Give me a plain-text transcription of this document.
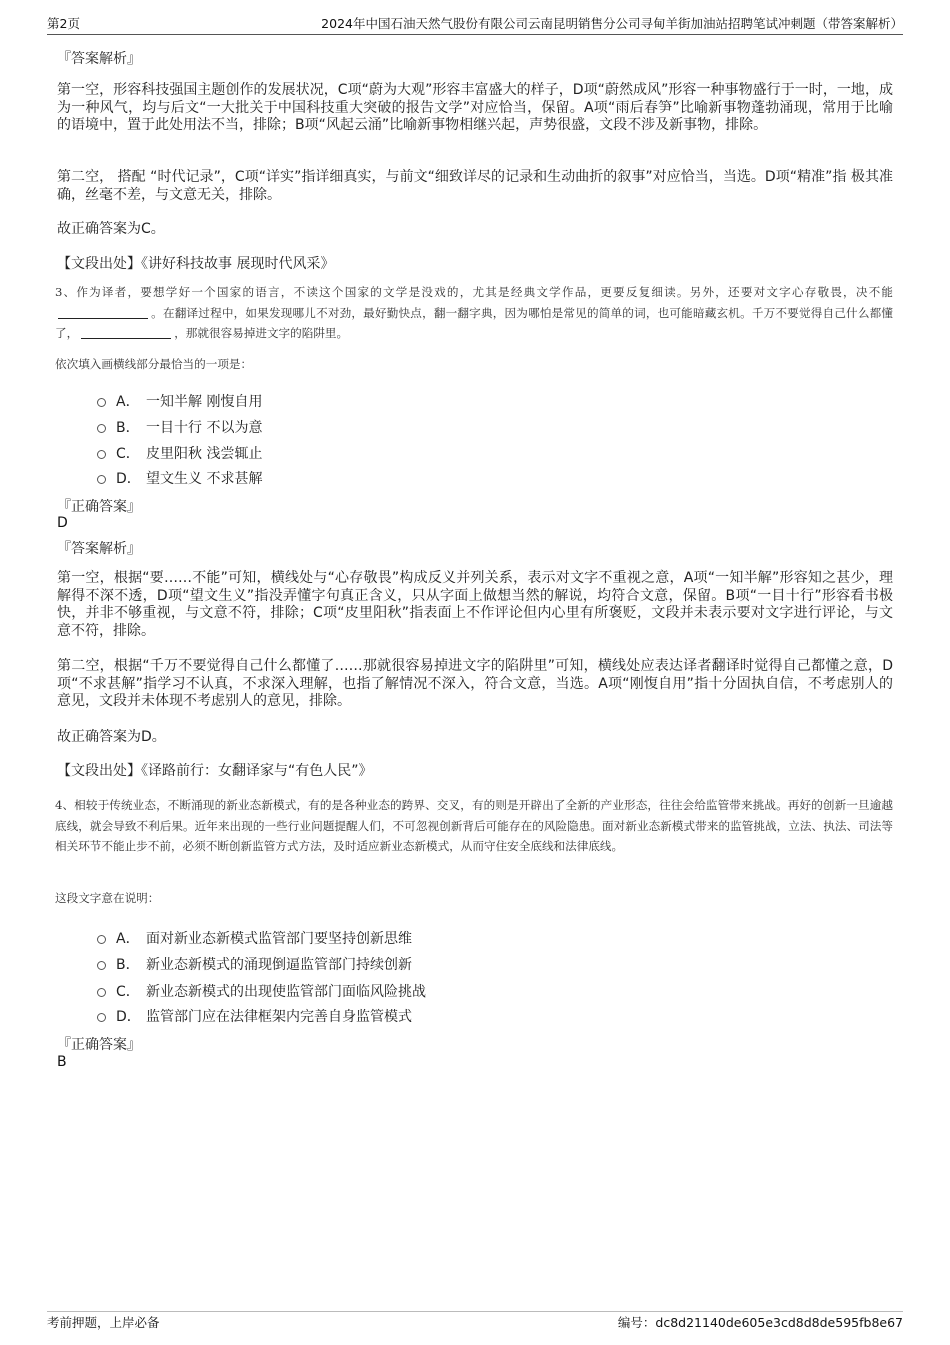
第2页	2024年中国石油天然气股份有限公司云南昆明销售分公司寻甸羊街加油站招聘笔试冲刺题（带答案解析）
『答案解析』
第一空，形容科技强国主题创作的发展状况，C项“蔚为大观”形容丰富盛大的样子，D项“蔚然成风”形容一种事物盛行于一时，一地，成为一种风气，均与后文“一大批关于中国科技重大突破的报告文学”对应恰当，保留。A项“雨后春笋”比喻新事物蓬勃涌现，常用于比喻的语境中，置于此处用法不当，排除；B项“风起云涌”比喻新事物相继兴起，声势很盛，文段不涉及新事物，排除。
第二空， 搭配 “时代记录”，C项“详实”指详细真实，与前文“细致详尽的记录和生动曲折的叙事”对应恰当，当选。D项“精准”指 极其准确，丝毫不差，与文意无关，排除。
故正确答案为C。
【文段出处】《讲好科技故事 展现时代风采》
3、作为译者，要想学好一个国家的语言，不读这个国家的文学是没戏的，尤其是经典文学作品，更要反复细读。另外，还要对文字心存敬畏，决不能。在翻译过程中，如果发现哪儿不对劲，最好勤快点，翻一翻字典，因为哪怕是常见的简单的词，也可能暗藏玄机。千万不要觉得自己什么都懂了，	，那就很容易掉进文字的陷阱里。
依次填入画横线部分最恰当的一项是：
A． 一知半解 刚愎自用
B． 一目十行 不以为意
C． 皮里阳秋 浅尝辄止
D． 望文生义 不求甚解
『正确答案』
D
『答案解析』
第一空，根据“要……不能”可知，横线处与“心存敬畏”构成反义并列关系，表示对文字不重视之意，A项“一知半解”形容知之甚少，理解得不深不透，D项“望文生义”指没弄懂字句真正含义，只从字面上做想当然的解说，均符合文意，保留。B项“一目十行”形容看书极快，并非不够重视，与文意不符，排除；C项“皮里阳秋”指表面上不作评论但内心里有所褒贬，文段并未表示要对文字进行评论，与文意不符，排除。
第二空，根据“千万不要觉得自己什么都懂了……那就很容易掉进文字的陷阱里”可知，横线处应表达译者翻译时觉得自己都懂之意，D项“不求甚解”指学习不认真，不求深入理解，也指了解情况不深入，符合文意，当选。A项“刚愎自用”指十分固执自信，不考虑别人的意见，文段并未体现不考虑别人的意见，排除。
故正确答案为D。
【文段出处】《译路前行：女翻译家与“有色人民”》
4、相较于传统业态，不断涌现的新业态新模式，有的是各种业态的跨界、交叉，有的则是开辟出了全新的产业形态，往往会给监管带来挑战。再好的创新一旦逾越底线，就会导致不利后果。近年来出现的一些行业问题提醒人们，不可忽视创新背后可能存在的风险隐患。面对新业态新模式带来的监管挑战，立法、执法、司法等相关环节不能止步不前，必须不断创新监管方式方法，及时适应新业态新模式，从而守住安全底线和法律底线。
这段文字意在说明：
A． 面对新业态新模式监管部门要坚持创新思维
B． 新业态新模式的涌现倒逼监管部门持续创新
C． 新业态新模式的出现使监管部门面临风险挑战
D． 监管部门应在法律框架内完善自身监管模式
『正确答案』
B
考前押题，上岸必备	编号：dc8d21140de605e3cd8d8de595fb8e67
